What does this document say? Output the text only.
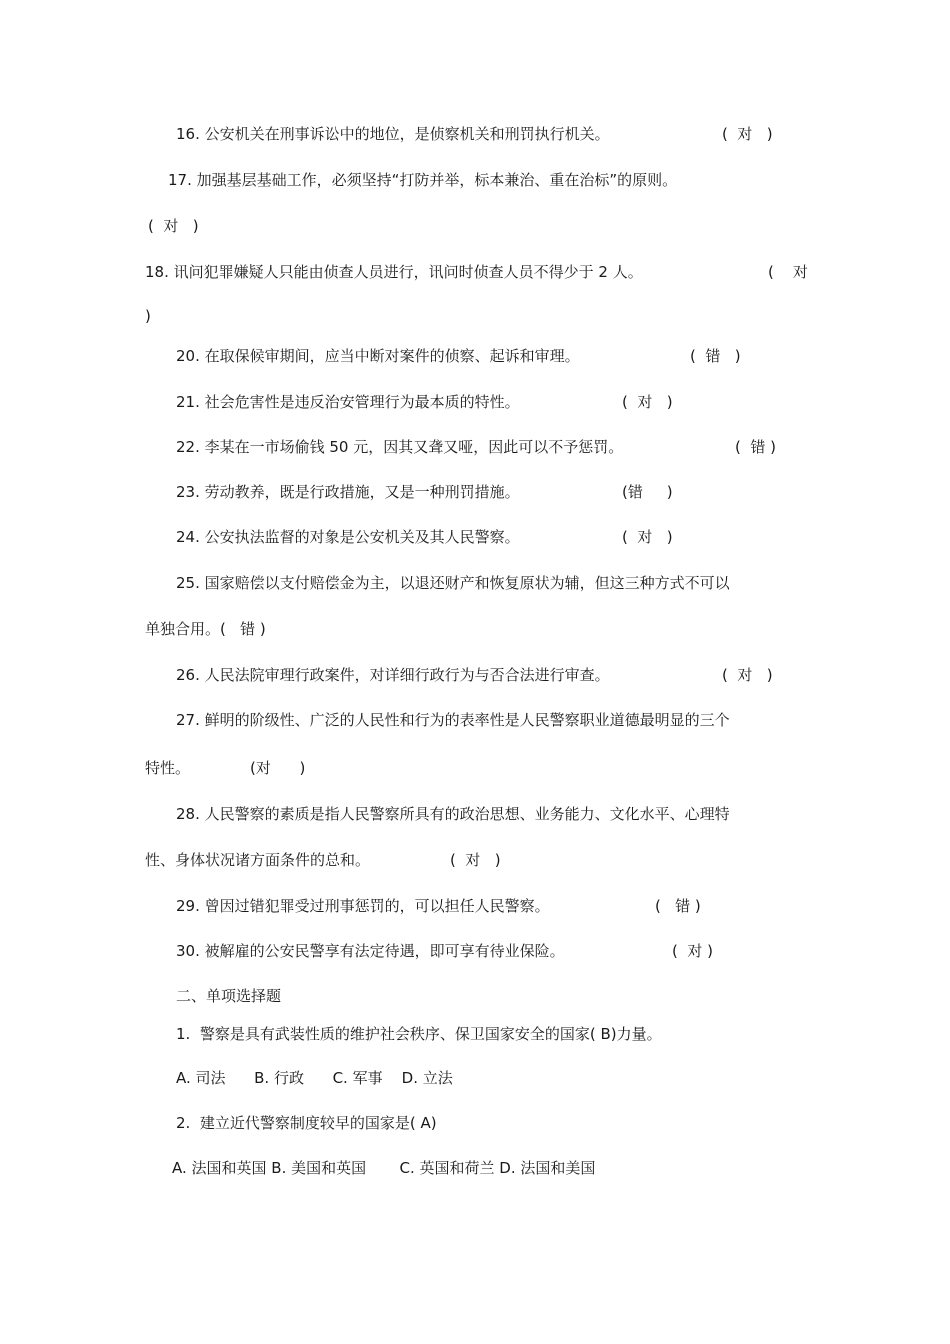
16. 公安机关在刑事诉讼中的地位，是侦察机关和刑罚执行机关。	(  对   )
17. 加强基层基础工作，必须坚持“打防并举，标本兼治、重在治标”的原则。
(  对   )
18. 讯问犯罪嫌疑人只能由侦查人员进行，讯问时侦查人员不得少于 2 人。	(    对
)
20. 在取保候审期间，应当中断对案件的侦察、起诉和审理。	(  错   )
21. 社会危害性是违反治安管理行为最本质的特性。	(  对   )
22. 李某在一市场偷钱 50 元，因其又聋又哑，因此可以不予惩罚。	(  错 )
23. 劳动教养，既是行政措施，又是一种刑罚措施。	(错     )
24. 公安执法监督的对象是公安机关及其人民警察。	(  对   )
25. 国家赔偿以支付赔偿金为主，以退还财产和恢复原状为辅，但这三种方式不可以
单独合用。(   错 )
26. 人民法院审理行政案件，对详细行政行为与否合法进行审查。	(  对   )
27. 鲜明的阶级性、广泛的人民性和行为的表率性是人民警察职业道德最明显的三个
特性。	(对      )
28. 人民警察的素质是指人民警察所具有的政治思想、业务能力、文化水平、心理特
性、身体状况诸方面条件的总和。	(  对   )
29. 曾因过错犯罪受过刑事惩罚的，可以担任人民警察。	(   错 )
30. 被解雇的公安民警享有法定待遇，即可享有待业保险。	(  对 )
二、单项选择题
1.  警察是具有武装性质的维护社会秩序、保卫国家安全的国家( B)力量。
A. 司法      B. 行政      C. 军事    D. 立法
2.  建立近代警察制度较早的国家是( A)
A. 法国和英国 B. 美国和英国       C. 英国和荷兰 D. 法国和美国
